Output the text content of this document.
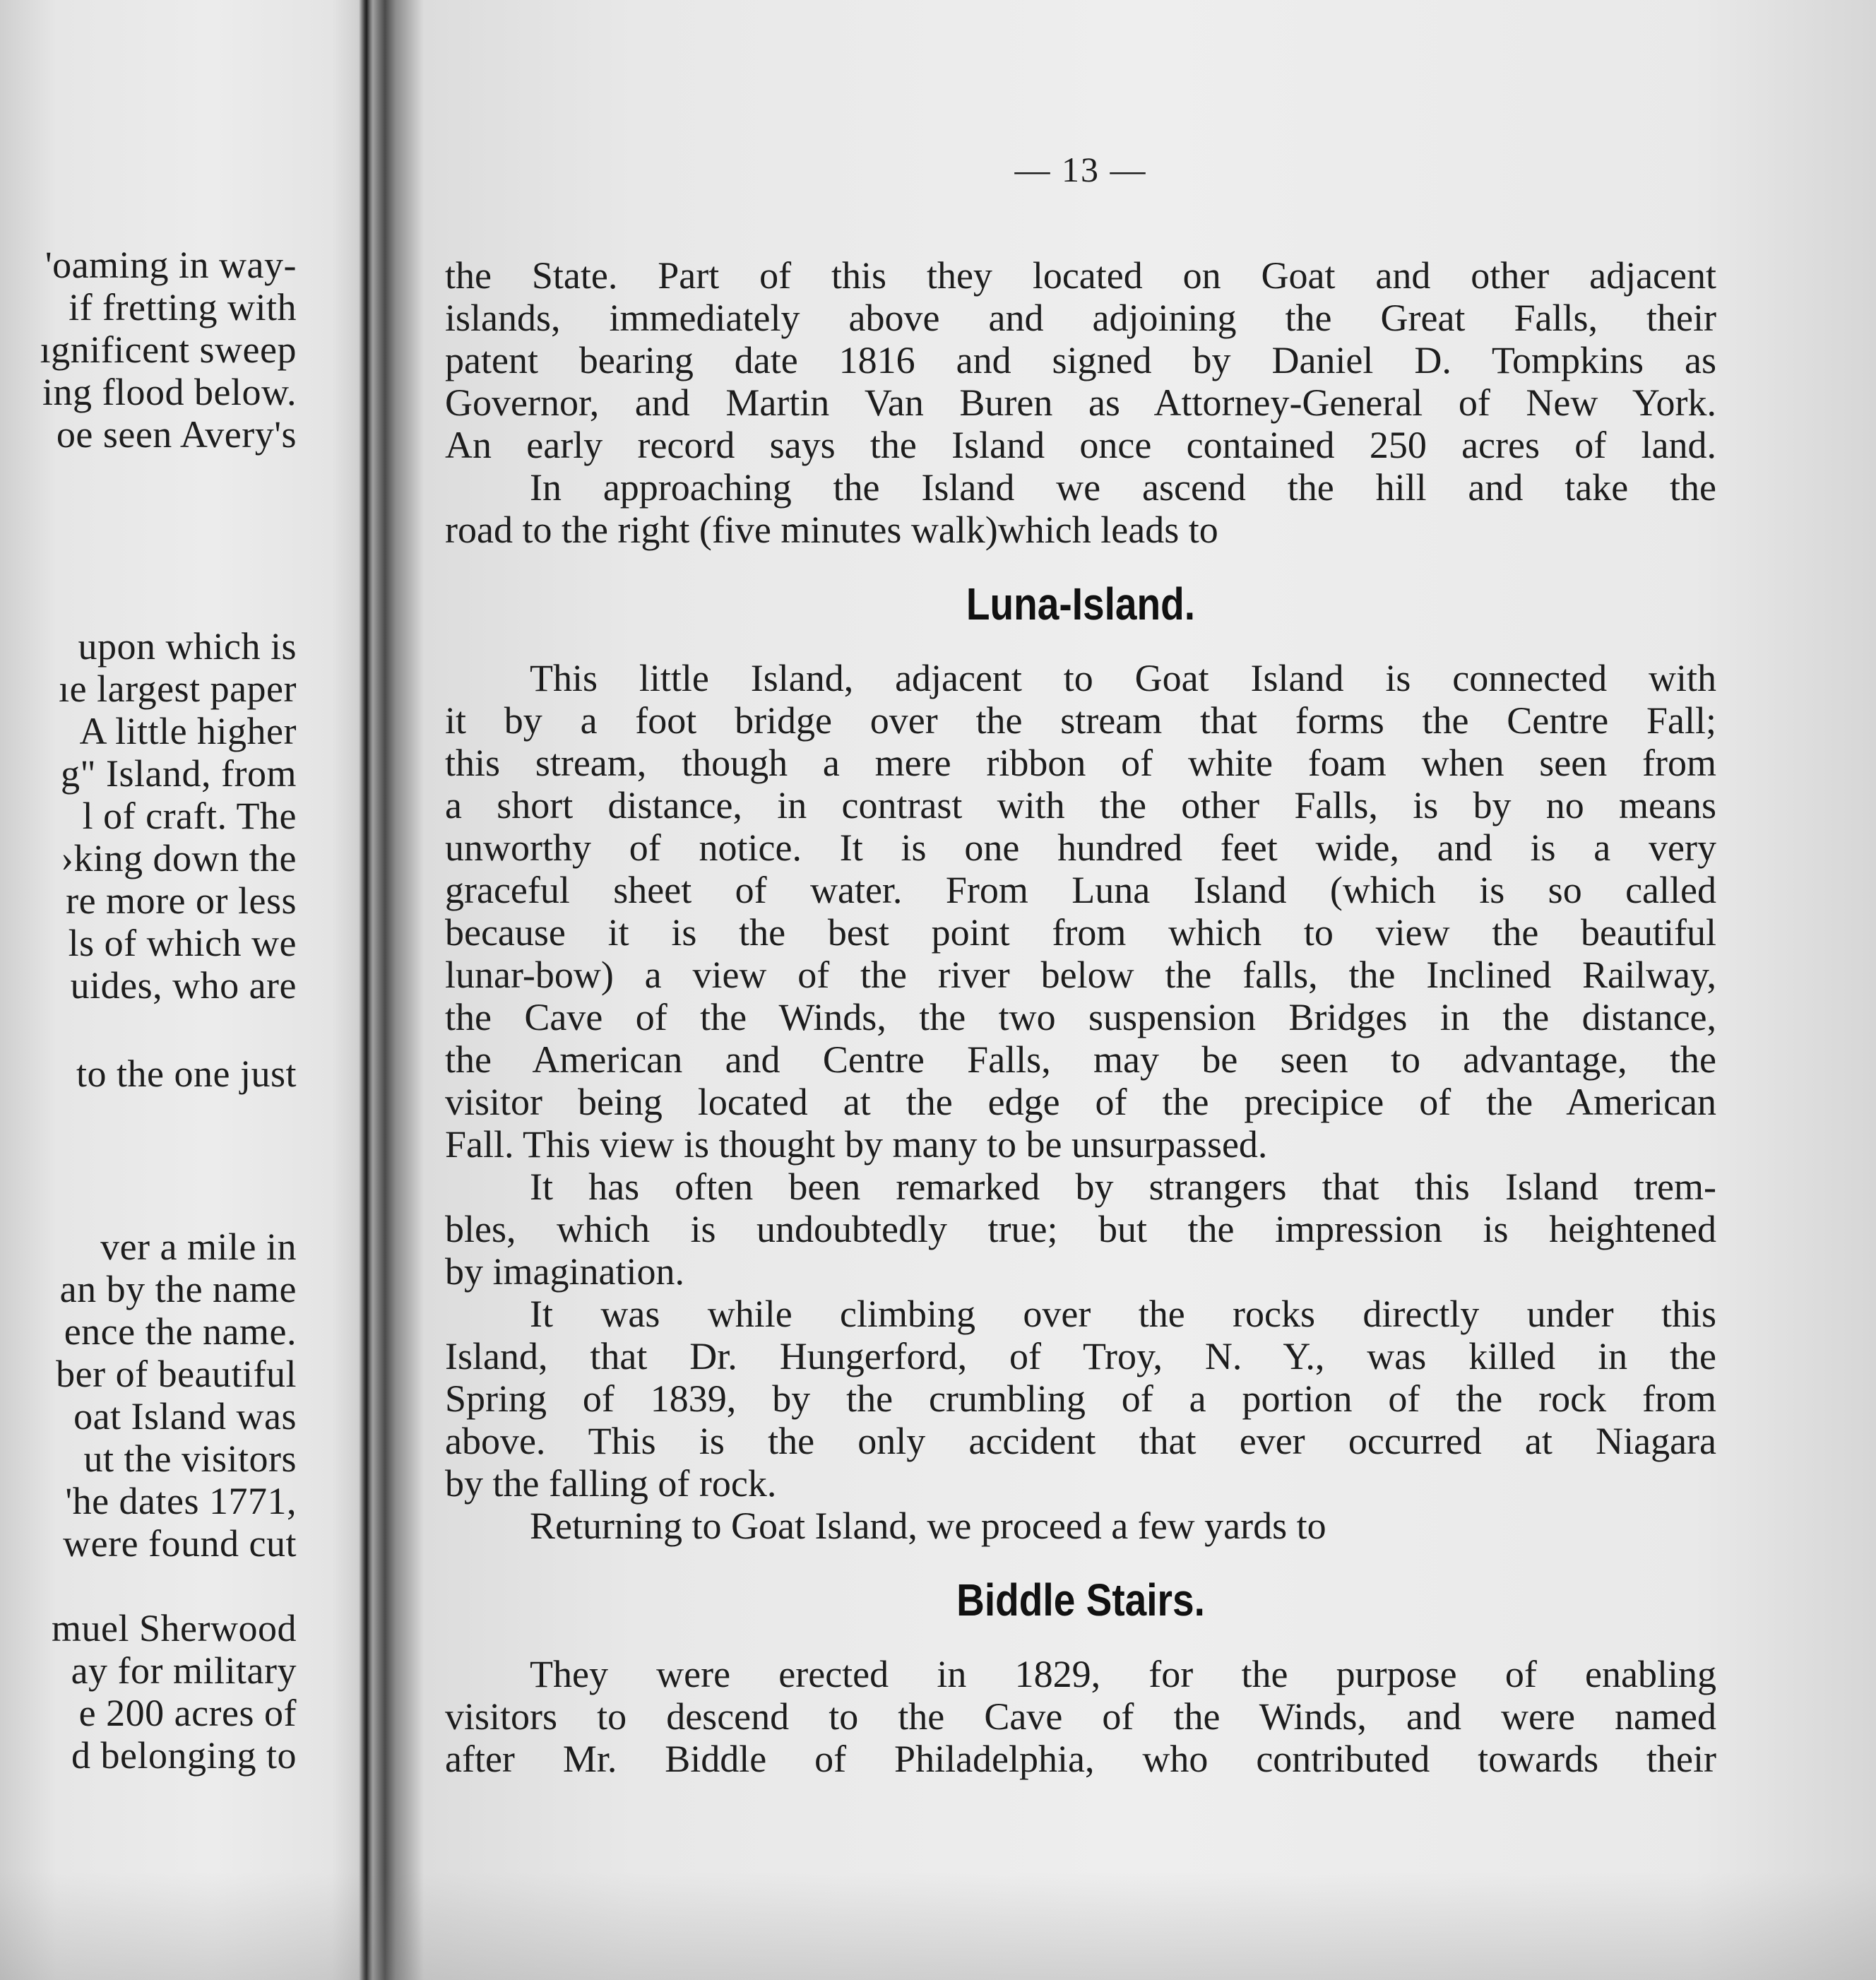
'oaming in way-
if fretting with
ıgnificent sweep
ing flood below.
oe seen Avery's
upon which is
ıe largest paper
A little higher
g" Island, from
l of craft. The
›king down the
re more or less
ls of which we
uides, who are
to the one just
ver a mile in
an by the name
ence the name.
ber of beautiful
oat Island was
ut the visitors
'he dates 1771,
were found cut
muel Sherwood
ay for military
e 200 acres of
d belonging to
— 13 —
the State. Part of this they located on Goat and other adjacent
islands, immediately above and adjoining the Great Falls, their
patent bearing date 1816 and signed by Daniel D. Tompkins as
Governor, and Martin Van Buren as Attorney-General of New York.
An early record says the Island once contained 250 acres of land.
In approaching the Island we ascend the hill and take the
road to the right (five minutes walk)which leads to
Luna-Island.
This little Island, adjacent to Goat Island is connected with
it by a foot bridge over the stream that forms the Centre Fall;
this stream, though a mere ribbon of white foam when seen from
a short distance, in contrast with the other Falls, is by no means
unworthy of notice. It is one hundred feet wide, and is a very
graceful sheet of water. From Luna Island (which is so called
because it is the best point from which to view the beautiful
lunar-bow) a view of the river below the falls, the Inclined Railway,
the Cave of the Winds, the two suspension Bridges in the distance,
the American and Centre Falls, may be seen to advantage, the
visitor being located at the edge of the precipice of the American
Fall. This view is thought by many to be unsurpassed.
It has often been remarked by strangers that this Island trem-
bles, which is undoubtedly true; but the impression is heightened
by imagination.
It was while climbing over the rocks directly under this
Island, that Dr. Hungerford, of Troy, N. Y., was killed in the
Spring of 1839, by the crumbling of a portion of the rock from
above. This is the only accident that ever occurred at Niagara
by the falling of rock.
Returning to Goat Island, we proceed a few yards to
Biddle Stairs.
They were erected in 1829, for the purpose of enabling
visitors to descend to the Cave of the Winds, and were named
after Mr. Biddle of Philadelphia, who contributed towards their
